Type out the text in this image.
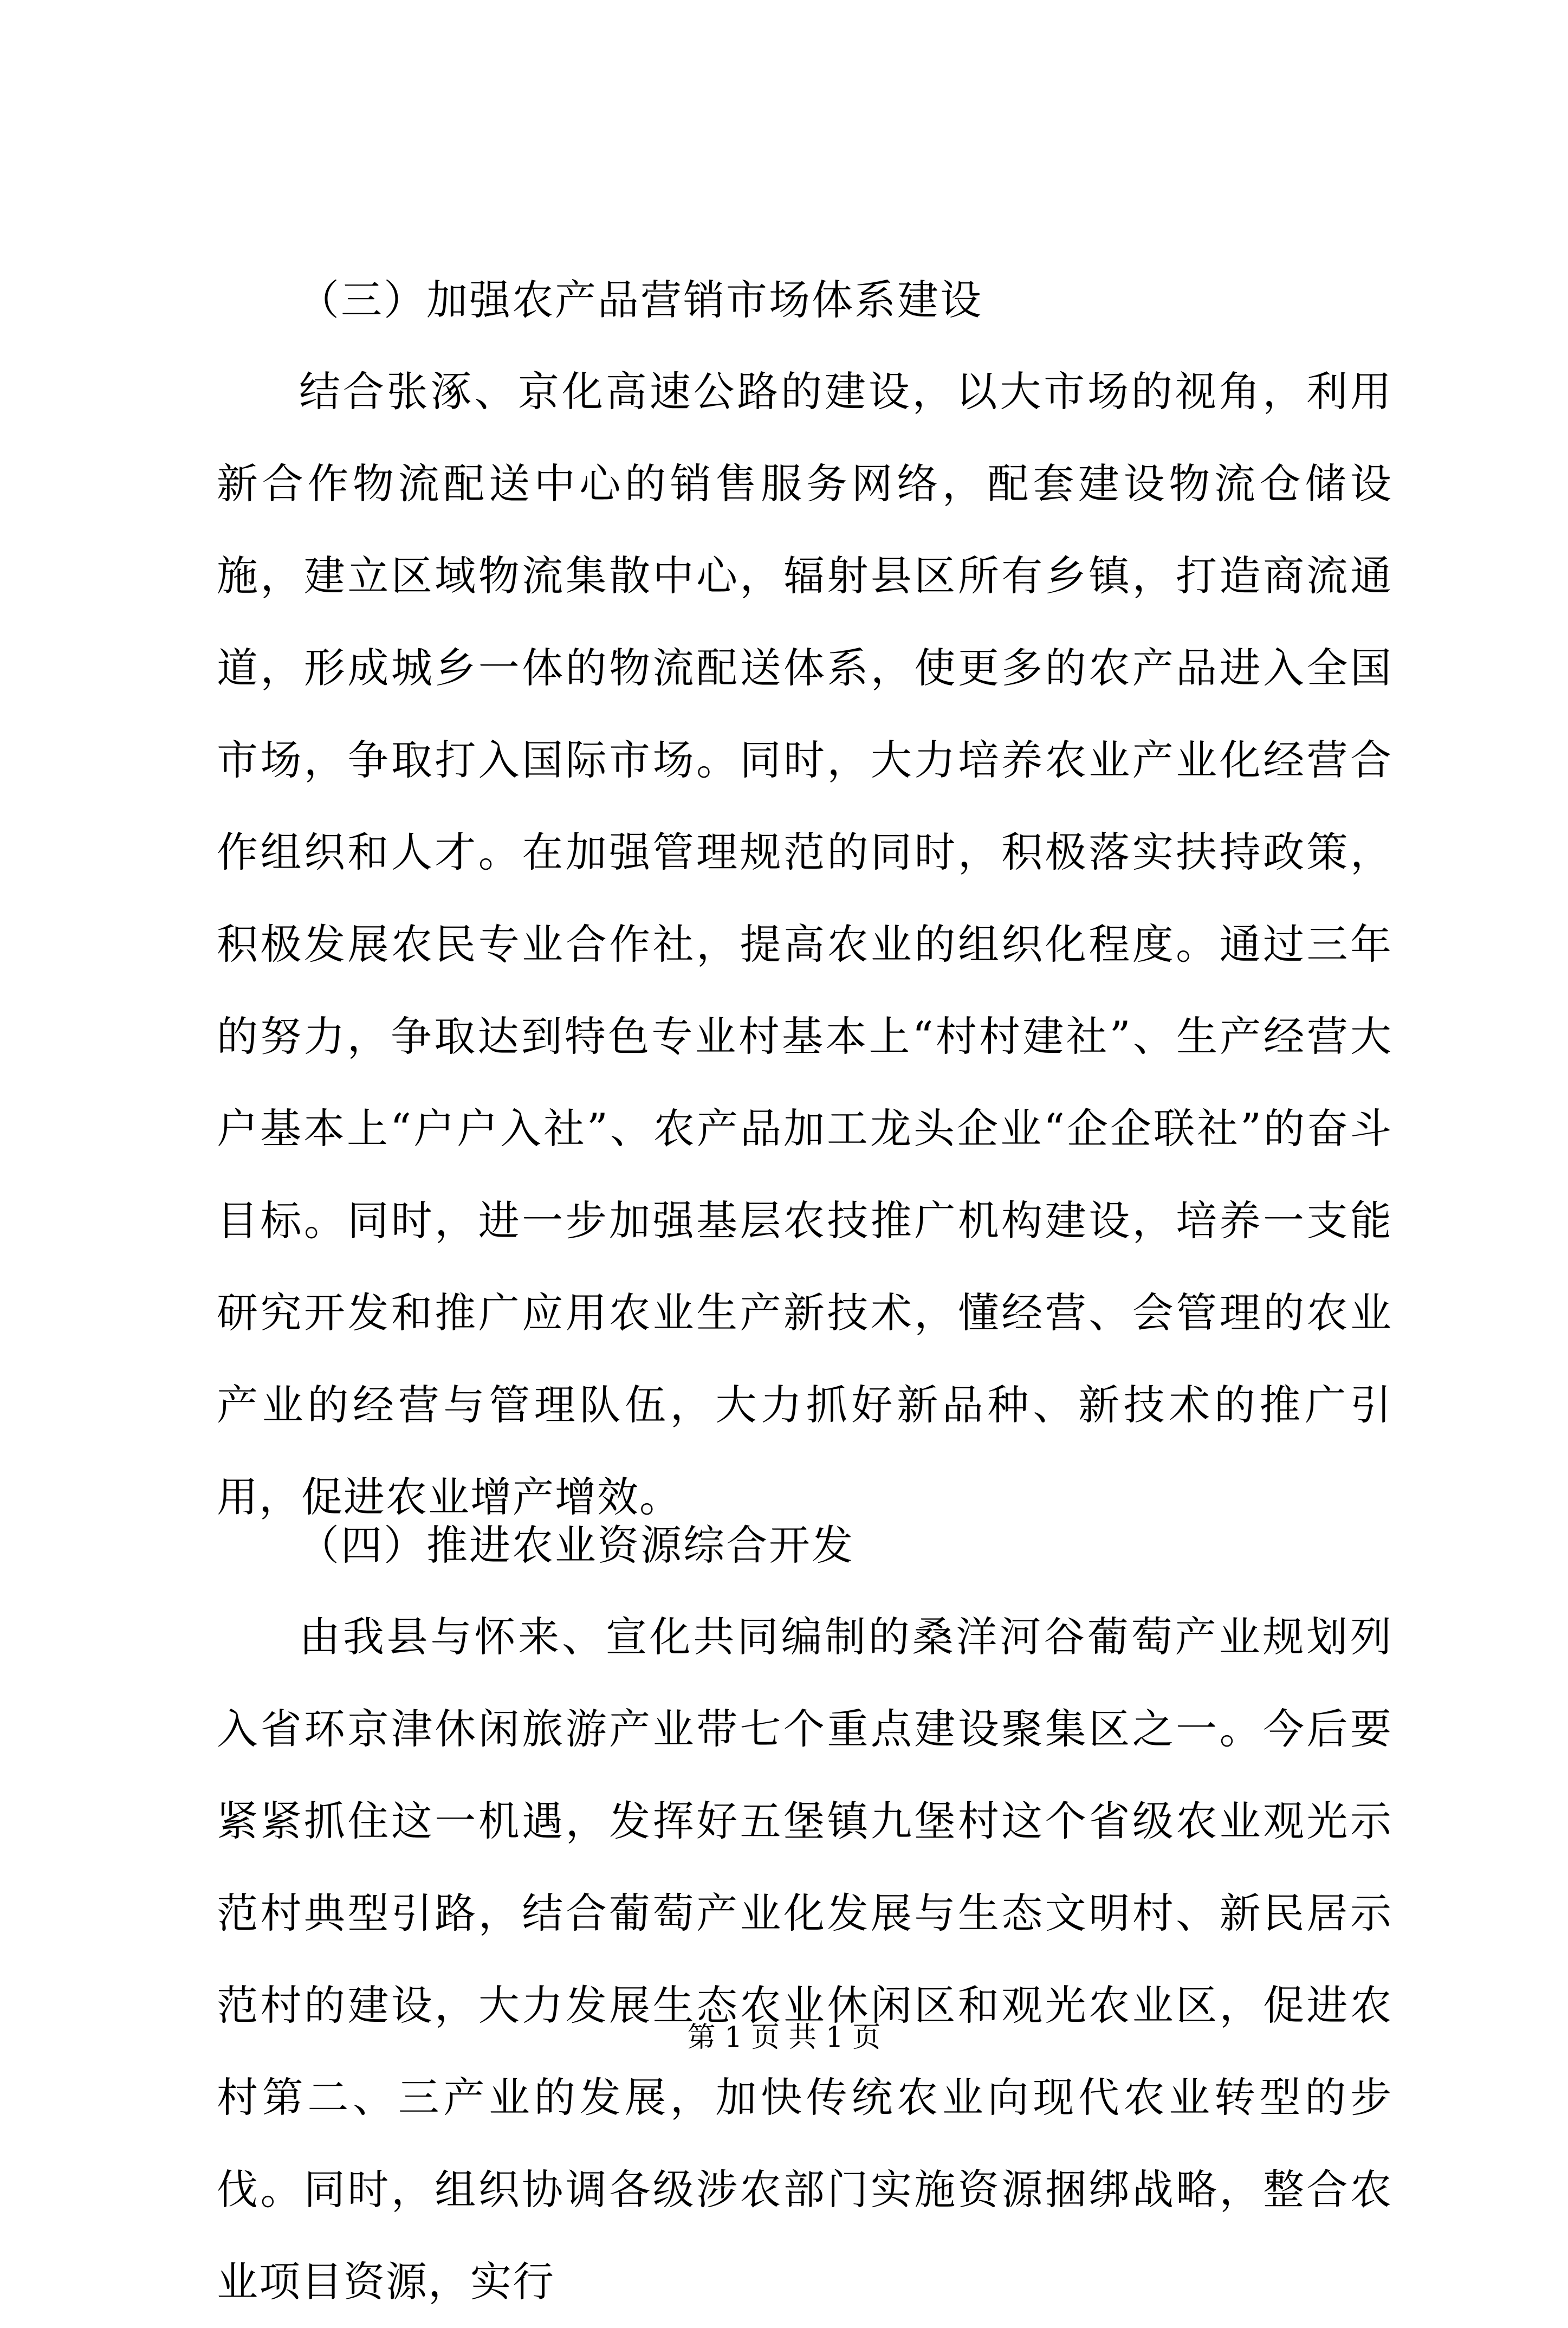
（三）加强农产品营销市场体系建设

结合张涿、京化高速公路的建设，以大市场的视角，利用新合作物流配送中心的销售服务网络，配套建设物流仓储设施，建立区域物流集散中心，辐射县区所有乡镇，打造商流通道，形成城乡一体的物流配送体系，使更多的农产品进入全国市场，争取打入国际市场。同时，大力培养农业产业化经营合作组织和人才。在加强管理规范的同时，积极落实扶持政策，积极发展农民专业合作社，提高农业的组织化程度。通过三年的努力，争取达到特色专业村基本上“村村建社”、生产经营大户基本上“户户入社”、农产品加工龙头企业“企企联社”的奋斗目标。同时，进一步加强基层农技推广机构建设，培养一支能研究开发和推广应用农业生产新技术，懂经营、会管理的农业产业的经营与管理队伍，大力抓好新品种、新技术的推广引用，促进农业增产增效。

（四）推进农业资源综合开发

由我县与怀来、宣化共同编制的桑洋河谷葡萄产业规划列入省环京津休闲旅游产业带七个重点建设聚集区之一。今后要紧紧抓住这一机遇，发挥好五堡镇九堡村这个省级农业观光示范村典型引路，结合葡萄产业化发展与生态文明村、新民居示范村的建设，大力发展生态农业休闲区和观光农业区，促进农村第二、三产业的发展，加快传统农业向现代农业转型的步伐。同时，组织协调各级涉农部门实施资源捆绑战略，整合农业项目资源，实行

第 1 页 共 1 页
